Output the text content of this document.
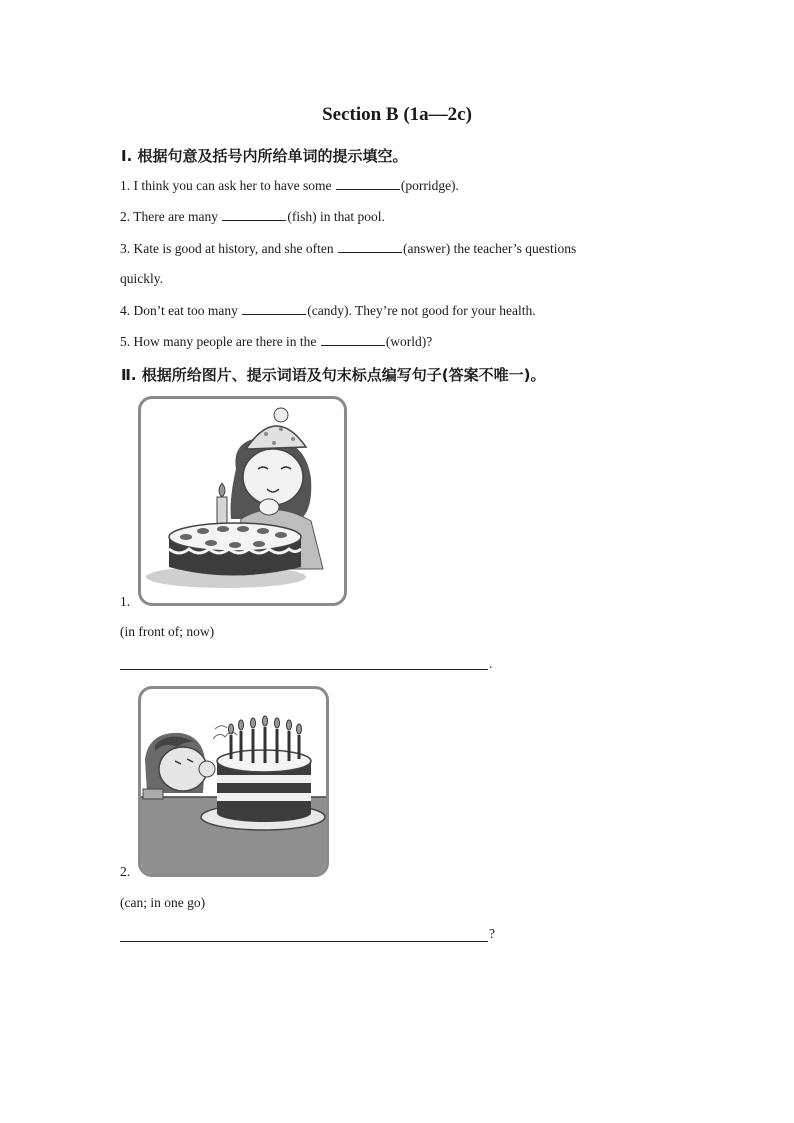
Section B (1a—2c)
Ⅰ. 根据句意及括号内所给单词的提示填空。
1. I think you can ask her to have some	(porridge).
2. There are many	(fish) in that pool.
3. Kate is good at history, and she often	(answer) the teacher’s questions
quickly.
4. Don’t eat too many	(candy). They’re not good for your health.
5. How many people are there in the	(world)?
Ⅱ. 根据所给图片、提示词语及句末标点编写句子(答案不唯一)。
1.
(in front of; now)
.
2.
(can; in one go)
?
